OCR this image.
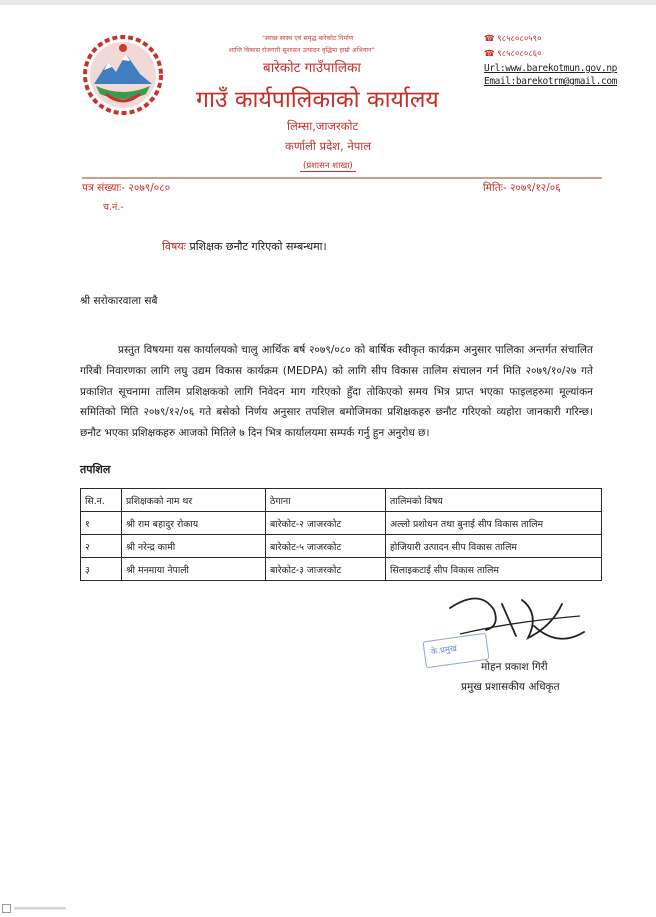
"स्वच्छ स्वस्थ एवं समृद्ध बारेकोट निर्माण
शान्ति विकास रोजगारी सुशासन उत्पादन वृद्धिमा हाम्रो अभियान"
बारेकोट गाउँपालिका
गाउँ कार्यपालिकाको कार्यालय
लिम्सा,जाजरकोट
कर्णाली प्रदेश, नेपाल
(प्रशासन शाखा)
☎ ९८५८०८०५९०
☎ ९८५८०८०८६०
Url:www.barekotmun.gov.np
Email:barekotrm@gmail.com
पत्र संख्याः- २०७९/०८०
च.नं.-
मितिः- २०७९/१२/०६
विषयः प्रशिक्षक छनौट गरिएको सम्बन्धमा।
श्री सरोकारवाला सबै
प्रस्तुत विषयमा यस कार्यालयको चालु आर्थिक बर्ष २०७९/०८० को बार्षिक स्वीकृत कार्यक्रम अनुसार पालिका अन्तर्गत संचालित गरिबी निवारणका लागि लघु उद्यम विकास कार्यक्रम (MEDPA) को लागि सीप विकास तालिम संचालन गर्न मिति २०७९/१०/२७ गते प्रकाशित सूचनामा तालिम प्रशिक्षकको लागि निवेदन माग गरिएको हुँदा तोकिएको समय भित्र प्राप्त भएका फाइलहरुमा मूल्यांकन समितिको मिति २०७९/१२/०६ गते बसेको निर्णय अनुसार तपशिल बमोजिमका प्रशिक्षकहरु छनौट गरिएको व्यहोरा जानकारी गरिन्छ। छनौट भएका प्रशिक्षकहरु आजको मितिले ७ दिन भित्र कार्यालयमा सम्पर्क गर्नु हुन अनुरोध छ।
तपशिल
सि.न.	प्रशिक्षकको नाम थर	ठेगाना	तालिमको विषय
१	श्री राम बहादुर रोकाय	बारेकोट-२ जाजरकोट	अल्लो प्रशोधन तथा बुनाई सीप विकास तालिम
२	श्री नरेन्द्र कामी	बारेकोट-५ जाजरकोट	होजियारी उत्पादन सीप विकास तालिम
३	श्री मनमाया नेपाली	बारेकोट-३ जाजरकोट	सिलाइकटाई सीप विकास तालिम
के.प्रमुख
मोहन प्रकाश गिरी
प्रमुख प्रशासकीय अधिकृत
